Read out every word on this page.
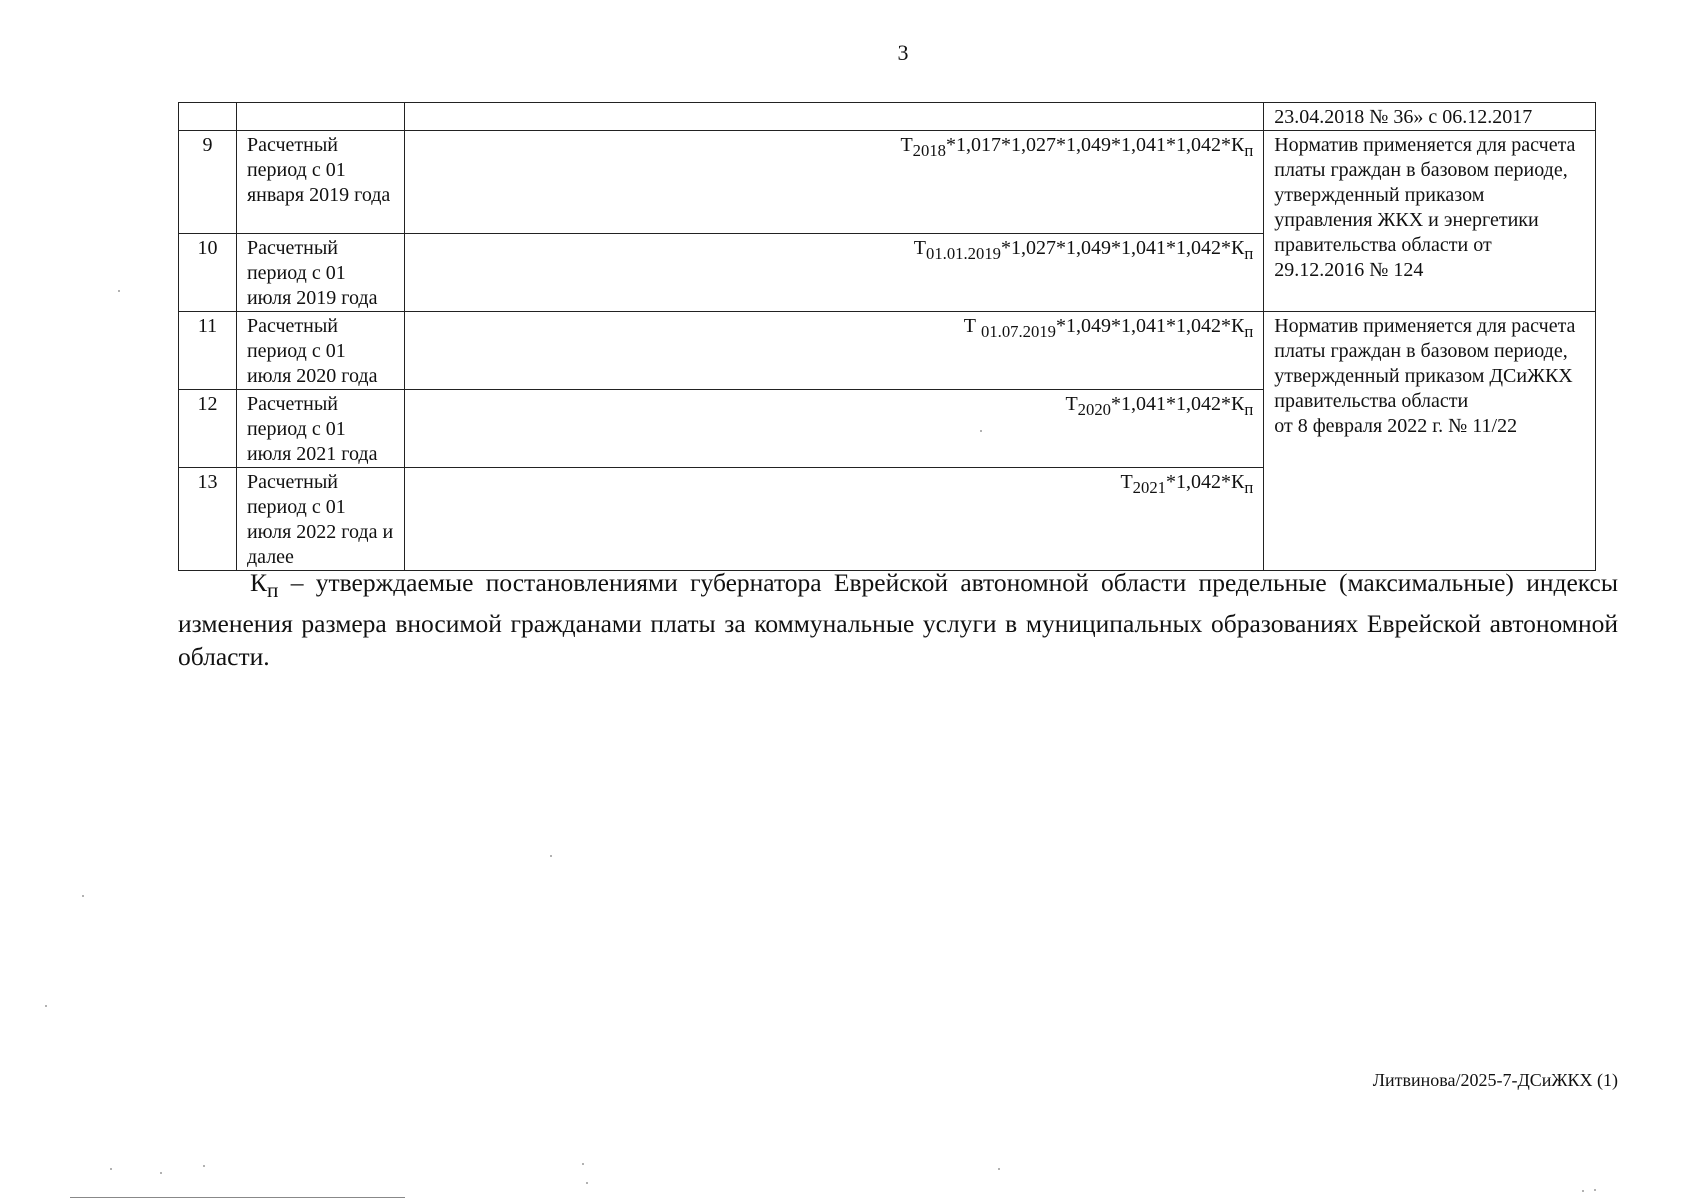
3
			23.04.2018 № 36» с 06.12.2017
9	Расчетный период с 01 января 2019 года	$Т_{2018}*1,017*1,027*1,049*1,041*1,042*К_п$	Норматив применяется для расчета платы граждан в базовом периоде, утвержденный приказом управления ЖКХ и энергетики правительства области от 29.12.2016 № 124
10	Расчетный период с 01 июля 2019 года	$Т_{01.01.2019}*1,027*1,049*1,041*1,042*К_п$
11	Расчетный период с 01 июля 2020 года	Т $_{01.07.2019}*1,049*1,041*1,042*К_п$	Норматив применяется для расчета платы граждан в базовом периоде, утвержденный приказом ДСиЖКХ правительства области
от 8 февраля 2022 г. № 11/22

12	Расчетный период с 01 июля 2021 года	$Т_{2020}*1,041*1,042*К_п$
13	Расчетный период с 01 июля 2022 года и далее	$Т_{2021}*1,042*К_п$
$К_п$ – утверждаемые постановлениями губернатора Еврейской автономной области предельные (максимальные) индексы изменения размера вносимой гражданами платы за коммунальные услуги в муниципальных образованиях Еврейской автономной области.
Литвинова/2025-7-ДСиЖКХ (1)
